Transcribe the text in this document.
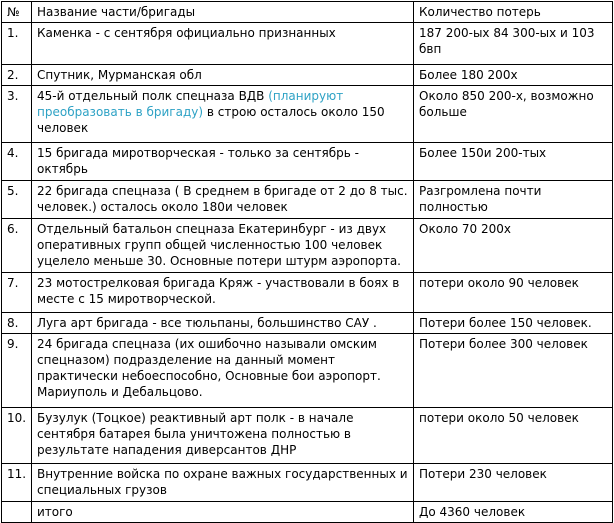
№	Название части/бригады	Количество потерь
1.	Каменка - с сентября официально признанных	187 200-ых 84 300-ых и 103 бвп
2.	Спутник, Мурманская обл	Более 180 200х
3.	45-й отдельный полк спецназа ВДВ (планируют преобразовать в бригаду) в строю осталось около 150 человек	Около 850 200-х, возможно больше
4.	15 бригада миротворческая - только за сентябрь - октябрь	Более 150и 200-тых
5.	22 бригада спецназа ( В среднем в бригаде от 2 до 8 тыс. человек.) осталось около 180и человек	Разгромлена почти полностью
6.	Отдельный батальон спецназа Екатеринбург - из двух оперативных групп общей численностью 100 человек уцелело меньше 30. Основные потери штурм аэропорта.	Около 70 200х
7.	23 мотострелковая бригада Кряж - участвовали в боях в месте с 15 миротворческой.	потери около 90 человек
8.	Луга арт бригада - все тюльпаны, большинство САУ .	Потери более 150 человек.
9.	24 бригада спецназа (их ошибочно называли омским спецназом) подразделение на данный момент практически небоеспособно, Основные бои аэропорт. Мариуполь и Дебальцово.	Потери более 300 человек
10.	Бузулук (Тоцкое) реактивный арт полк - в начале сентября батарея была уничтожена полностью в результате нападения диверсантов ДНР	потери около 50 человек
11.	Внутренние войска по охране важных государственных и специальных грузов	Потери 230 человек
	итого	До 4360 человек
